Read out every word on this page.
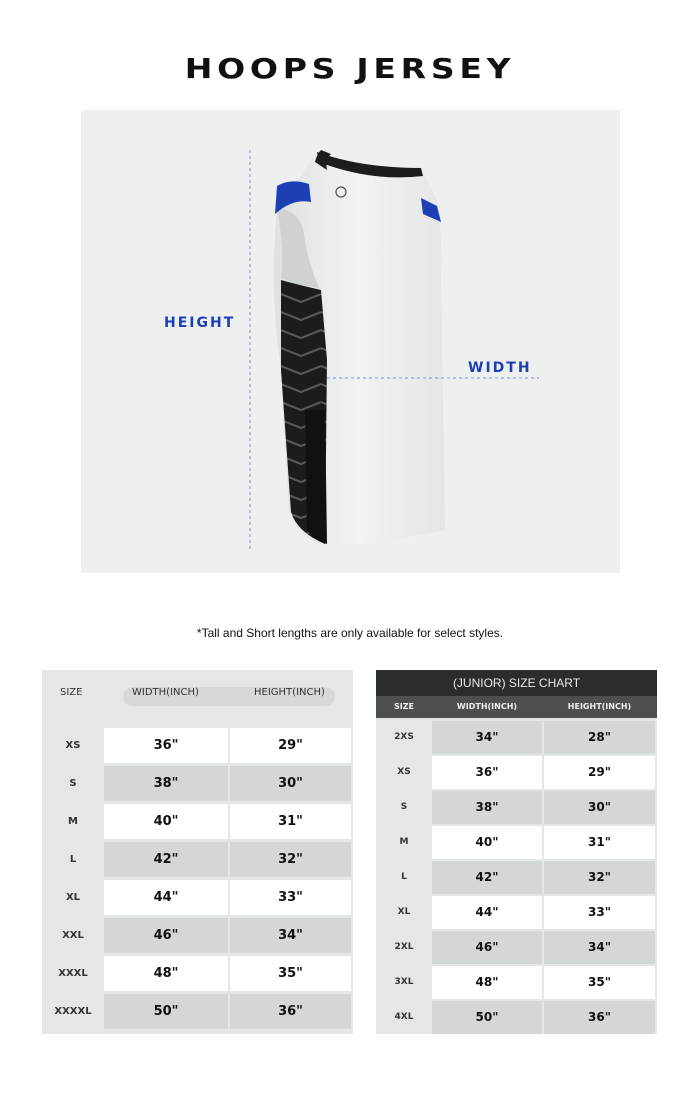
HOOPS JERSEY
HEIGHT
WIDTH
*Tall and Short lengths are only available for select styles.
SIZE	WIDTH(INCH)	HEIGHT(INCH)
XS	36"	29"
S	38"	30"
M	40"	31"
L	42"	32"
XL	44"	33"
XXL	46"	34"
XXXL	48"	35"
XXXXL	50"	36"
(JUNIOR) SIZE CHART
SIZE	WIDTH(INCH)	HEIGHT(INCH)
2XS	34"	28"
XS	36"	29"
S	38"	30"
M	40"	31"
L	42"	32"
XL	44"	33"
2XL	46"	34"
3XL	48"	35"
4XL	50"	36"
